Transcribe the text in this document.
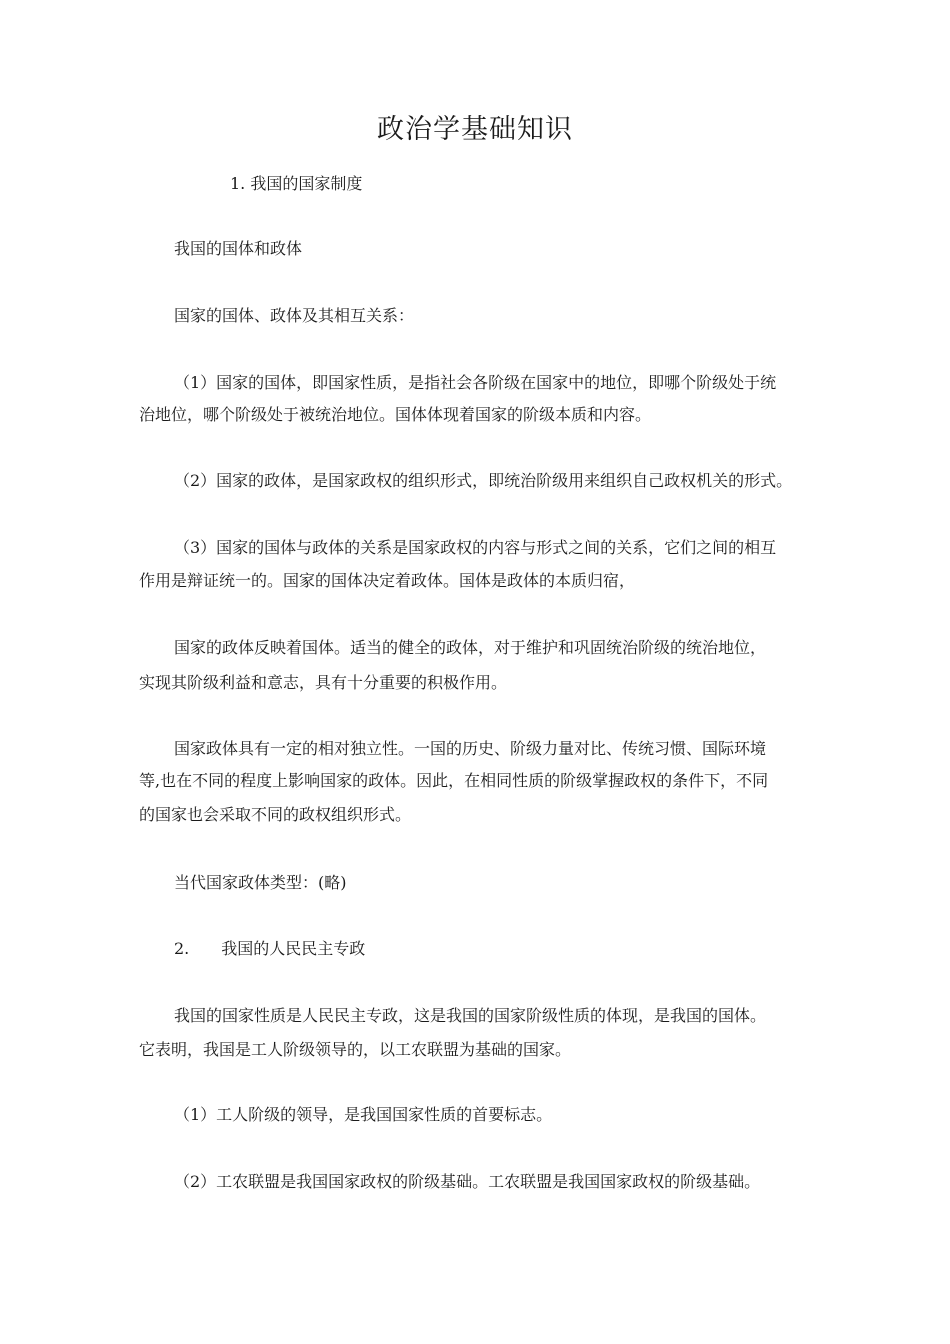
政治学基础知识

1. 我国的国家制度

我国的国体和政体

国家的国体、政体及其相互关系：

（1）国家的国体，即国家性质，是指社会各阶级在国家中的地位，即哪个阶级处于统

治地位，哪个阶级处于被统治地位。国体体现着国家的阶级本质和内容。

（2）国家的政体，是国家政权的组织形式，即统治阶级用来组织自己政权机关的形式。

（3）国家的国体与政体的关系是国家政权的内容与形式之间的关系，它们之间的相互

作用是辩证统一的。国家的国体决定着政体。国体是政体的本质归宿，

国家的政体反映着国体。适当的健全的政体，对于维护和巩固统治阶级的统治地位，

实现其阶级利益和意志，具有十分重要的积极作用。

国家政体具有一定的相对独立性。一国的历史、阶级力量对比、传统习惯、国际环境

等,也在不同的程度上影响国家的政体。因此，在相同性质的阶级掌握政权的条件下，不同

的国家也会采取不同的政权组织形式。

当代国家政体类型：(略)

2.　　我国的人民民主专政

我国的国家性质是人民民主专政，这是我国的国家阶级性质的体现，是我国的国体。

它表明，我国是工人阶级领导的，以工农联盟为基础的国家。

（1）工人阶级的领导，是我国国家性质的首要标志。

（2）工农联盟是我国国家政权的阶级基础。工农联盟是我国国家政权的阶级基础。
